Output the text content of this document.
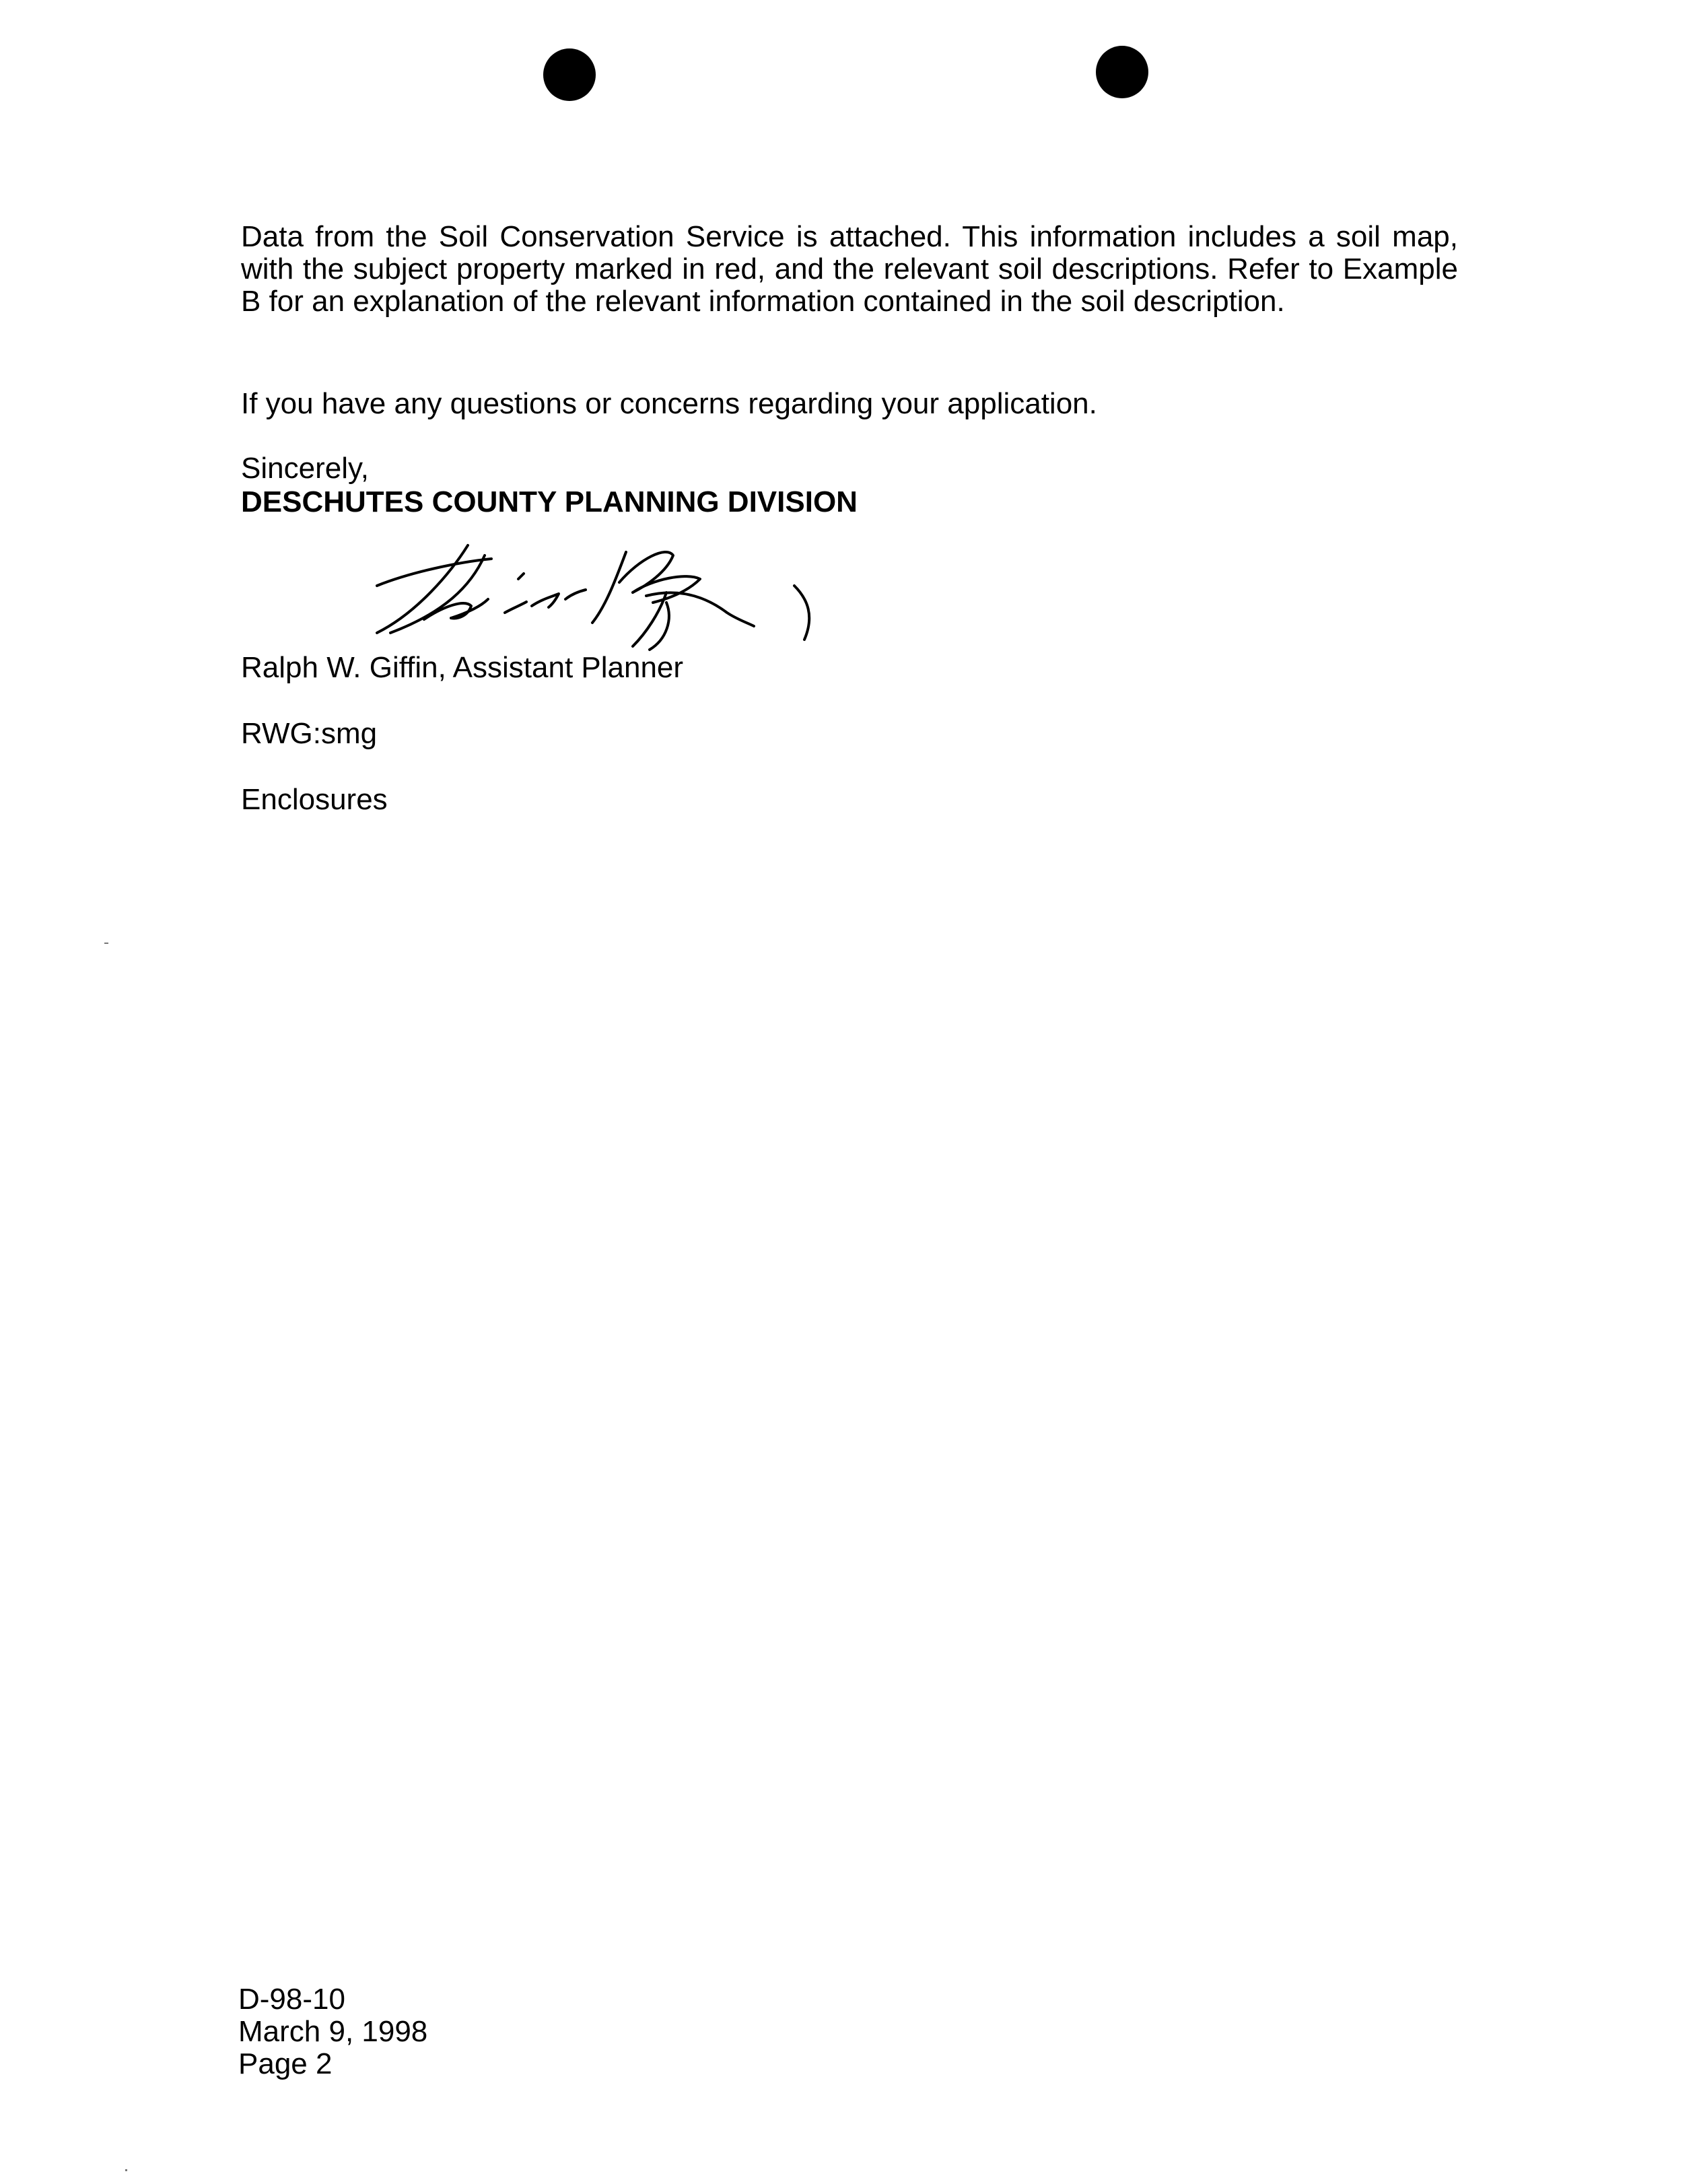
Data from the Soil Conservation Service is attached. This information includes a soil map, with the subject property marked in red, and the relevant soil descriptions. Refer to Example B for an explanation of the relevant information contained in the soil description.

If you have any questions or concerns regarding your application.

Sincerely,

DESCHUTES COUNTY PLANNING DIVISION

Ralph W. Giffin, Assistant Planner

RWG:smg

Enclosures

D-98-10
March 9, 1998
Page 2
